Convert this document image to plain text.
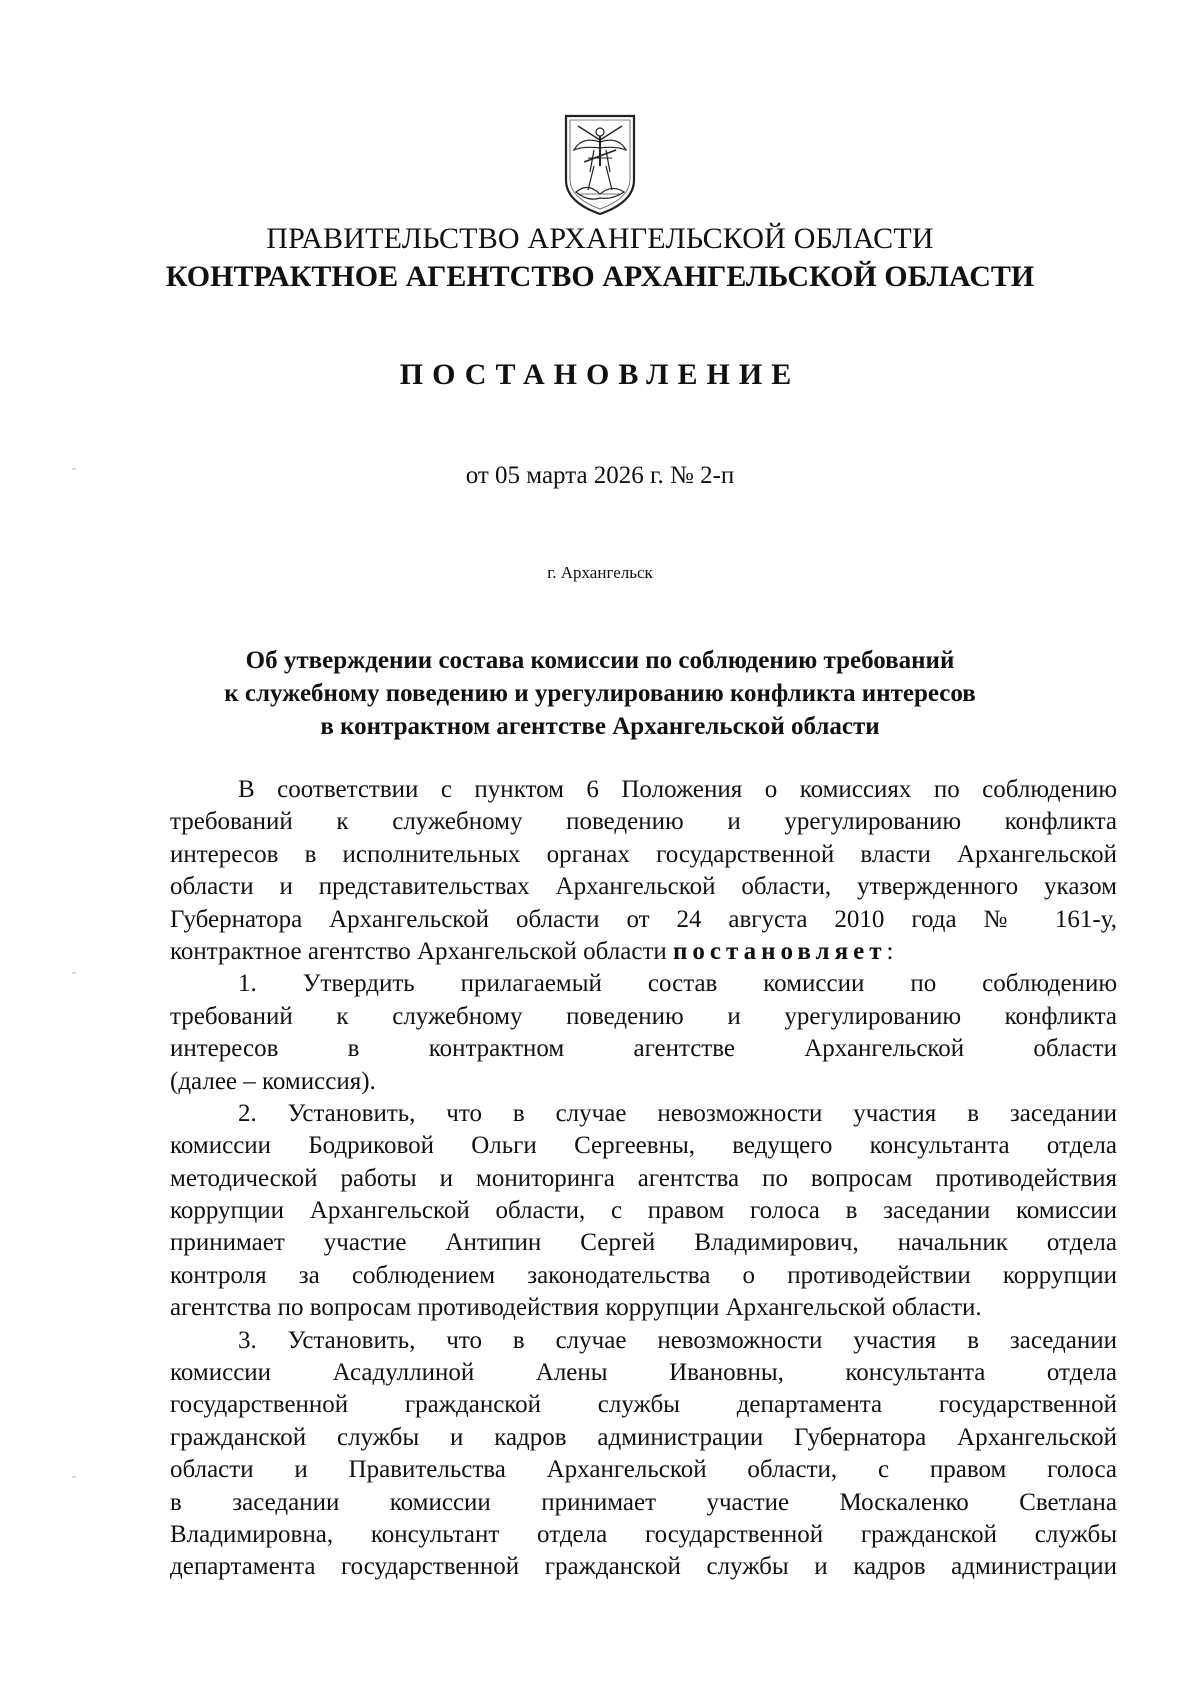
ПРАВИТЕЛЬСТВО АРХАНГЕЛЬСКОЙ ОБЛАСТИ
КОНТРАКТНОЕ АГЕНТСТВО АРХАНГЕЛЬСКОЙ ОБЛАСТИ
ПОСТАНОВЛЕНИЕ
от 05 марта 2026 г. № 2-п
г. Архангельск
Об утверждении состава комиссии по соблюдению требований
к служебному поведению и урегулированию конфликта интересов
в контрактном агентстве Архангельской области
В соответствии с пунктом 6 Положения о комиссиях по соблюдению
требований к служебному поведению и урегулированию конфликта
интересов в исполнительных органах государственной власти Архангельской
области и представительствах Архангельской области, утвержденного указом
Губернатора Архангельской области от 24 августа 2010 года № 161-у,
контрактное агентство Архангельской области постановляет:
1. Утвердить прилагаемый состав комиссии по соблюдению
требований к служебному поведению и урегулированию конфликта
интересов в контрактном агентстве Архангельской области
(далее – комиссия).
2. Установить, что в случае невозможности участия в заседании
комиссии Бодриковой Ольги Сергеевны, ведущего консультанта отдела
методической работы и мониторинга агентства по вопросам противодействия
коррупции Архангельской области, с правом голоса в заседании комиссии
принимает участие Антипин Сергей Владимирович, начальник отдела
контроля за соблюдением законодательства о противодействии коррупции
агентства по вопросам противодействия коррупции Архангельской области.
3. Установить, что в случае невозможности участия в заседании
комиссии Асадуллиной Алены Ивановны, консультанта отдела
государственной гражданской службы департамента государственной
гражданской службы и кадров администрации Губернатора Архангельской
области и Правительства Архангельской области, с правом голоса
в заседании комиссии принимает участие Москаленко Светлана
Владимировна, консультант отдела государственной гражданской службы
департамента государственной гражданской службы и кадров администрации
